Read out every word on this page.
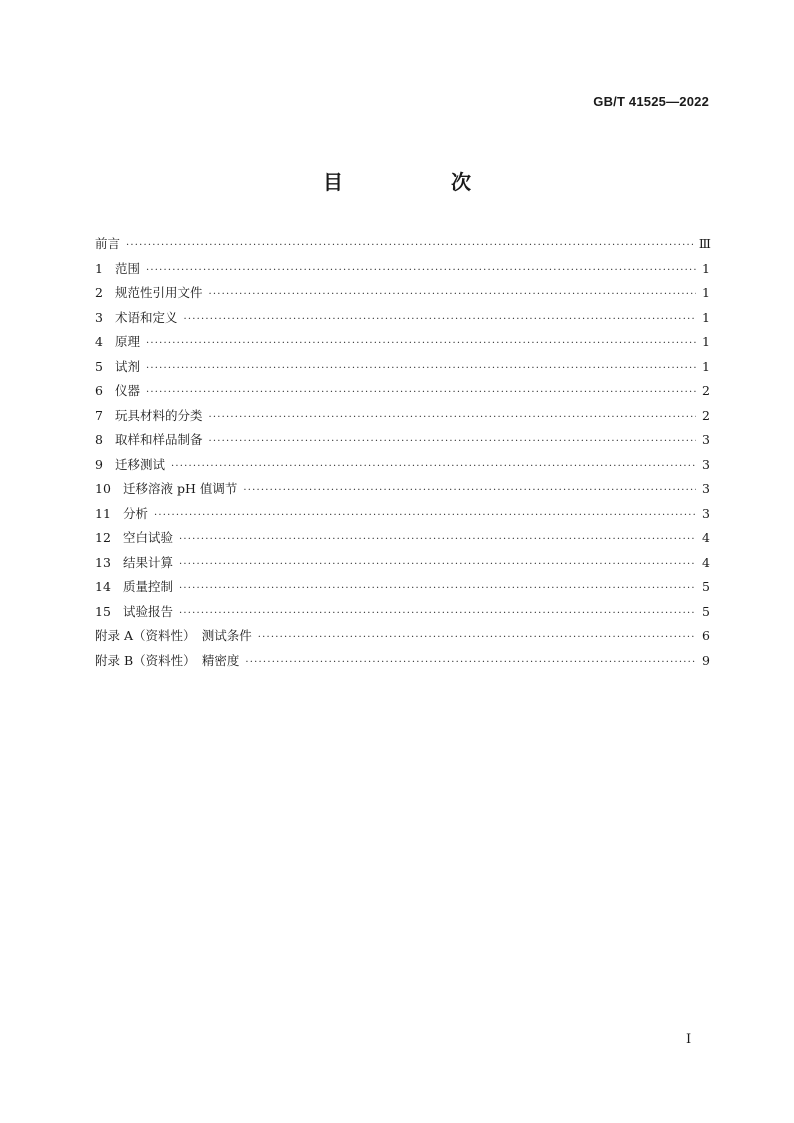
GB/T 41525—2022
目　次
前言 ·····	Ⅲ
1 范围 ·····	1
2 规范性引用文件 ·····	1
3 术语和定义 ·····	1
4 原理 ·····	1
5 试剂 ·····	1
6 仪器 ·····	2
7 玩具材料的分类 ·····	2
8 取样和样品制备 ·····	3
9 迁移测试 ·····	3
10 迁移溶液 pH 值调节 ·····	3
11 分析 ·····	3
12 空白试验 ·····	4
13 结果计算 ·····	4
14 质量控制 ·····	5
15 试验报告 ·····	5
附录 A（资料性）　测试条件 ·····	6
附录 B（资料性）　精密度 ·····	9
I
